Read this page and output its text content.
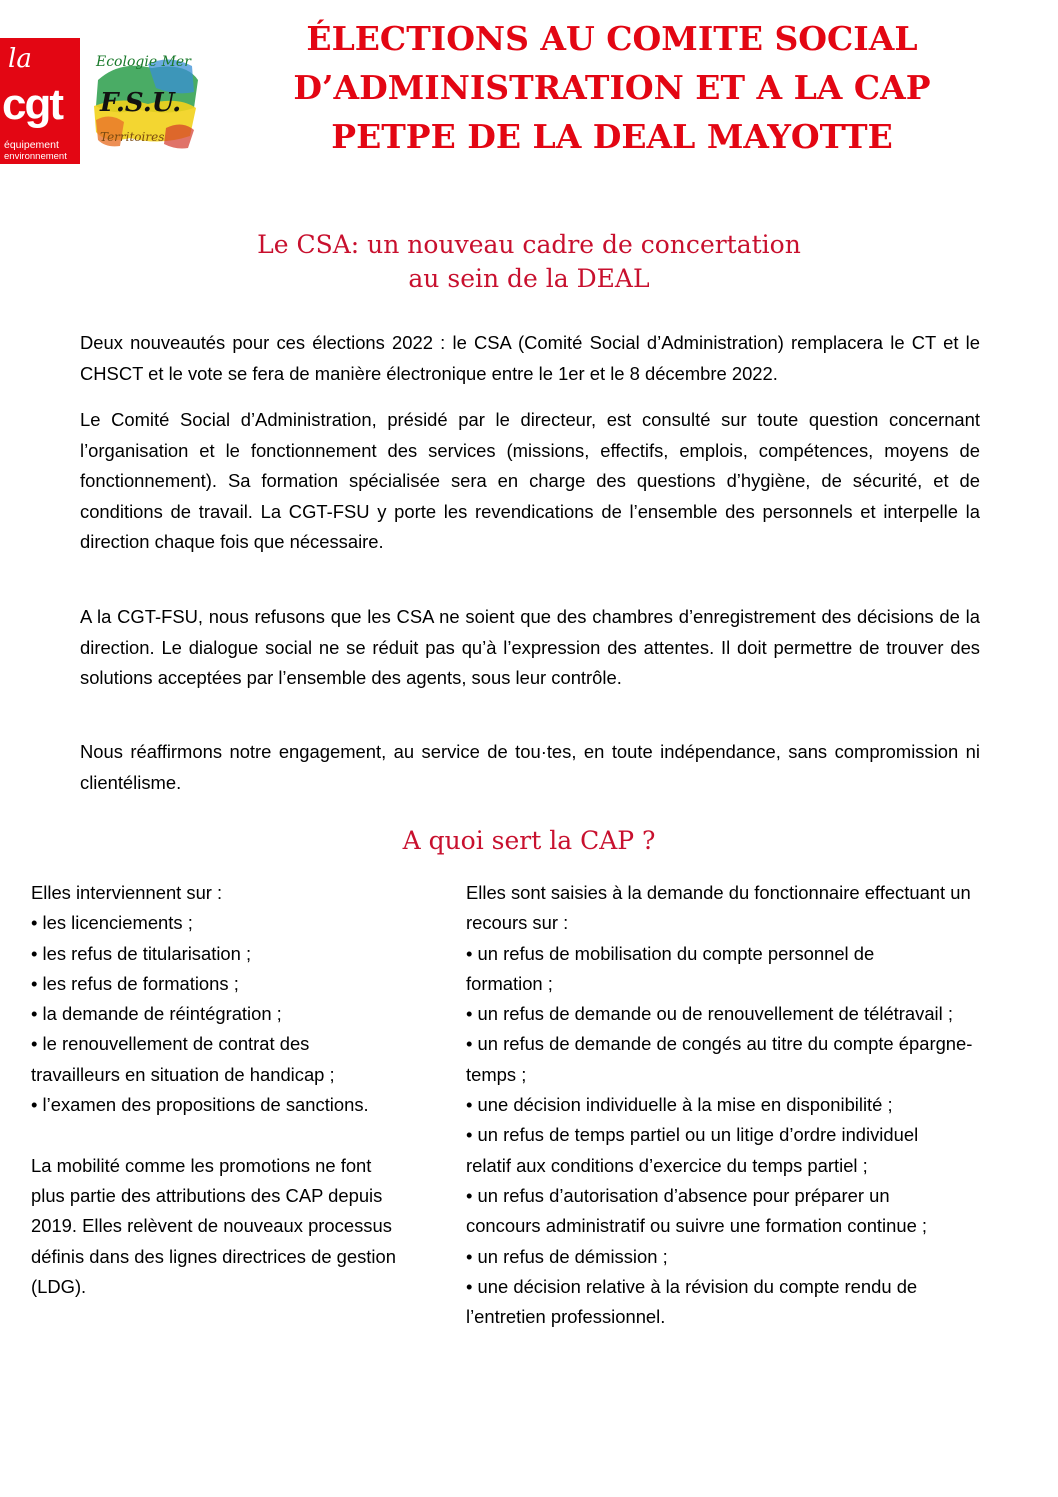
la
cgt
équipement
environnement
Ecologie Mer
F.S.U.
Territoires
ÉLECTIONS AU COMITE SOCIAL
D’ADMINISTRATION ET A LA CAP
PETPE DE LA DEAL MAYOTTE
Le CSA: un nouveau cadre de concertation
au sein de la DEAL

Deux nouveautés pour ces élections 2022 : le CSA (Comité Social d’Administration) remplacera le CT et le CHSCT et le vote se fera de manière électronique entre le 1er et le 8 décembre 2022.

Le Comité Social d’Administration, présidé par le directeur, est consulté sur toute question concernant l’organisation et le fonctionnement des services (missions, effectifs, emplois, compétences, moyens de fonctionnement). Sa formation spécialisée sera en charge des questions d’hygiène, de sécurité, et de conditions de travail. La CGT-FSU y porte les revendications de l’ensemble des personnels et interpelle la direction chaque fois que nécessaire.

A la CGT-FSU, nous refusons que les CSA ne soient que des chambres d’enregistrement des décisions de la direction. Le dialogue social ne se réduit pas qu’à l’expression des attentes. Il doit permettre de trouver des solutions acceptées par l’ensemble des agents, sous leur contrôle.

Nous réaffirmons notre engagement, au service de tou·tes, en toute indépendance, sans compromission ni clientélisme.

A quoi sert la CAP ?
Elles interviennent sur :
• les licenciements ;
• les refus de titularisation ;
• les refus de formations ;
• la demande de réintégration ;
• le renouvellement de contrat des
travailleurs en situation de handicap ;
• l’examen des propositions de sanctions.
La mobilité comme les promotions ne font
plus partie des attributions des CAP depuis
2019. Elles relèvent de nouveaux processus
définis dans des lignes directrices de gestion
(LDG).
Elles sont saisies à la demande du fonctionnaire effectuant un
recours sur :
• un refus de mobilisation du compte personnel de
formation ;
• un refus de demande ou de renouvellement de télétravail ;
• un refus de demande de congés au titre du compte épargne-
temps ;
• une décision individuelle à la mise en disponibilité ;
• un refus de temps partiel ou un litige d’ordre individuel
relatif aux conditions d’exercice du temps partiel ;
• un refus d’autorisation d’absence pour préparer un
concours administratif ou suivre une formation continue ;
• un refus de démission ;
• une décision relative à la révision du compte rendu de
l’entretien professionnel.
